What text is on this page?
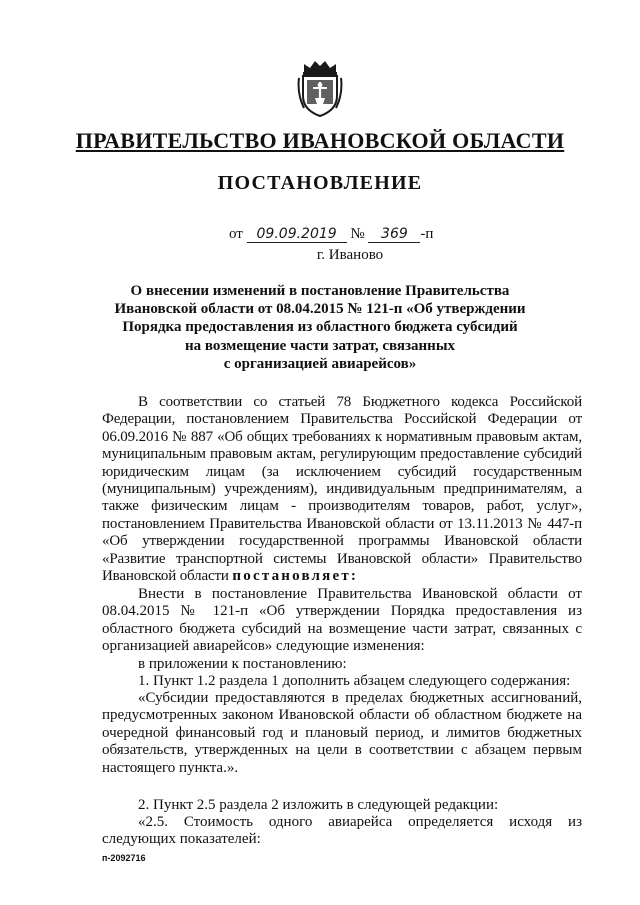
ПРАВИТЕЛЬСТВО ИВАНОВСКОЙ ОБЛАСТИ
ПОСТАНОВЛЕНИЕ
от 09.09.2019 № 369 -п
г. Иваново
О внесении изменений в постановление Правительства
Ивановской области от 08.04.2015 № 121-п «Об утверждении
Порядка предоставления из областного бюджета субсидий
на возмещение части затрат, связанных
с организацией авиарейсов»

В соответствии со статьей 78 Бюджетного кодекса Российской Федерации, постановлением Правительства Российской Федерации от 06.09.2016 № 887 «Об общих требованиях к нормативным правовым актам, муниципальным правовым актам, регулирующим предоставление субсидий юридическим лицам (за исключением субсидий государственным (муниципальным) учреждениям), индивидуальным предпринимателям, а также физическим лицам - производителям товаров, работ, услуг», постановлением Правительства Ивановской области от 13.11.2013 № 447-п «Об утверждении государственной программы Ивановской области «Развитие транспортной системы Ивановской области» Правительство Ивановской области постановляет:

Внести в постановление Правительства Ивановской области от 08.04.2015 № 121-п «Об утверждении Порядка предоставления из областного бюджета субсидий на возмещение части затрат, связанных с организацией авиарейсов» следующие изменения:

в приложении к постановлению:

1. Пункт 1.2 раздела 1 дополнить абзацем следующего содержания:

«Субсидии предоставляются в пределах бюджетных ассигнований, предусмотренных законом Ивановской области об областном бюджете на очередной финансовый год и плановый период, и лимитов бюджетных обязательств, утвержденных на цели в соответствии с абзацем первым настоящего пункта.».

2. Пункт 2.5 раздела 2 изложить в следующей редакции:

«2.5. Стоимость одного авиарейса определяется исходя из следующих показателей:

п-2092716
